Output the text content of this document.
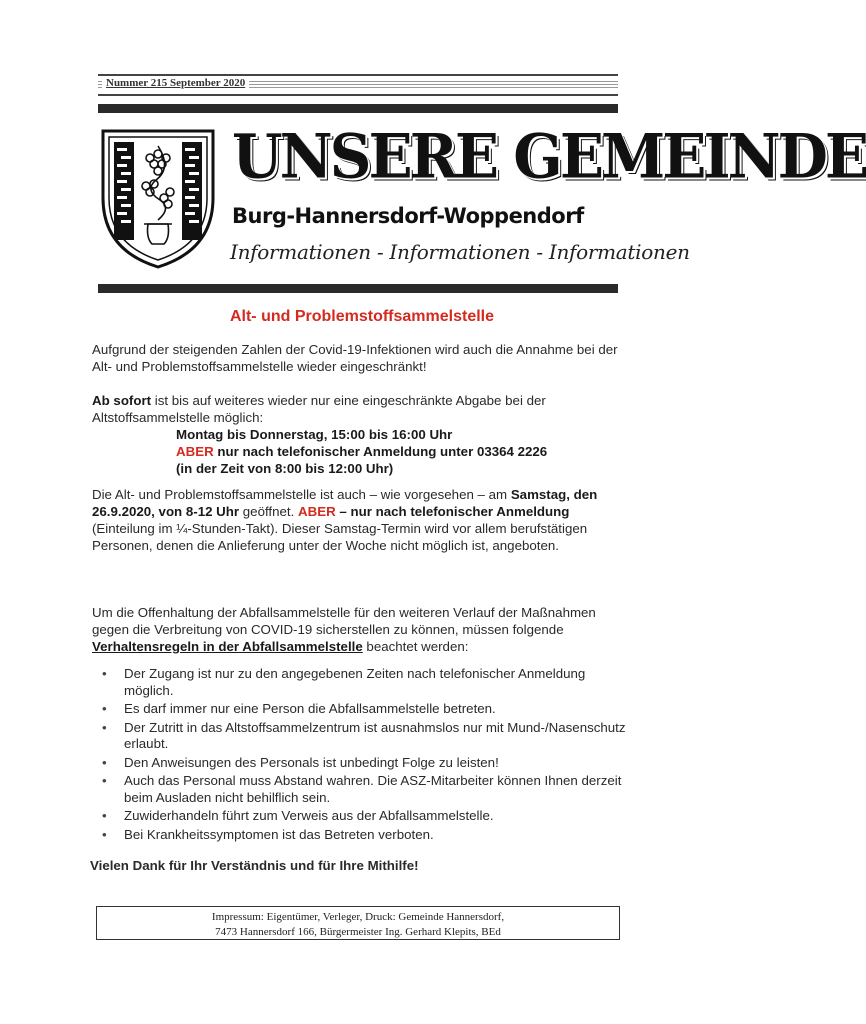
Nummer 215 September 2020
UNSERE GEMEINDE
Burg-Hannersdorf-Woppendorf
Informationen - Informationen - Informationen
Alt- und Problemstoffsammelstelle
Aufgrund der steigenden Zahlen der Covid-19-Infektionen wird auch die Annahme bei der Alt- und Problemstoffsammelstelle wieder eingeschränkt!
Ab sofort ist bis auf weiteres wieder nur eine eingeschränkte Abgabe bei der Altstoffsammelstelle möglich:
Montag bis Donnerstag, 15:00 bis 16:00 Uhr
ABER nur nach telefonischer Anmeldung unter 03364 2226
(in der Zeit von 8:00 bis 12:00 Uhr)
Die Alt- und Problemstoffsammelstelle ist auch – wie vorgesehen – am Samstag, den 26.9.2020, von 8-12 Uhr geöffnet. ABER – nur nach telefonischer Anmeldung (Einteilung im ¼-Stunden-Takt). Dieser Samstag-Termin wird vor allem berufstätigen Personen, denen die Anlieferung unter der Woche nicht möglich ist, angeboten.
Um die Offenhaltung der Abfallsammelstelle für den weiteren Verlauf der Maßnahmen gegen die Verbreitung von COVID-19 sicherstellen zu können, müssen folgende Verhaltensregeln in der Abfallsammelstelle beachtet werden:
• Der Zugang ist nur zu den angegebenen Zeiten nach telefonischer Anmeldung möglich.
• Es darf immer nur eine Person die Abfallsammelstelle betreten.
• Der Zutritt in das Altstoffsammelzentrum ist ausnahmslos nur mit Mund-/Nasenschutz erlaubt.
• Den Anweisungen des Personals ist unbedingt Folge zu leisten!
• Auch das Personal muss Abstand wahren. Die ASZ-Mitarbeiter können Ihnen derzeit beim Ausladen nicht behilflich sein.
• Zuwiderhandeln führt zum Verweis aus der Abfallsammelstelle.
• Bei Krankheitssymptomen ist das Betreten verboten.
Vielen Dank für Ihr Verständnis und für Ihre Mithilfe!
Impressum: Eigentümer, Verleger, Druck: Gemeinde Hannersdorf,
7473 Hannersdorf 166, Bürgermeister Ing. Gerhard Klepits, BEd
